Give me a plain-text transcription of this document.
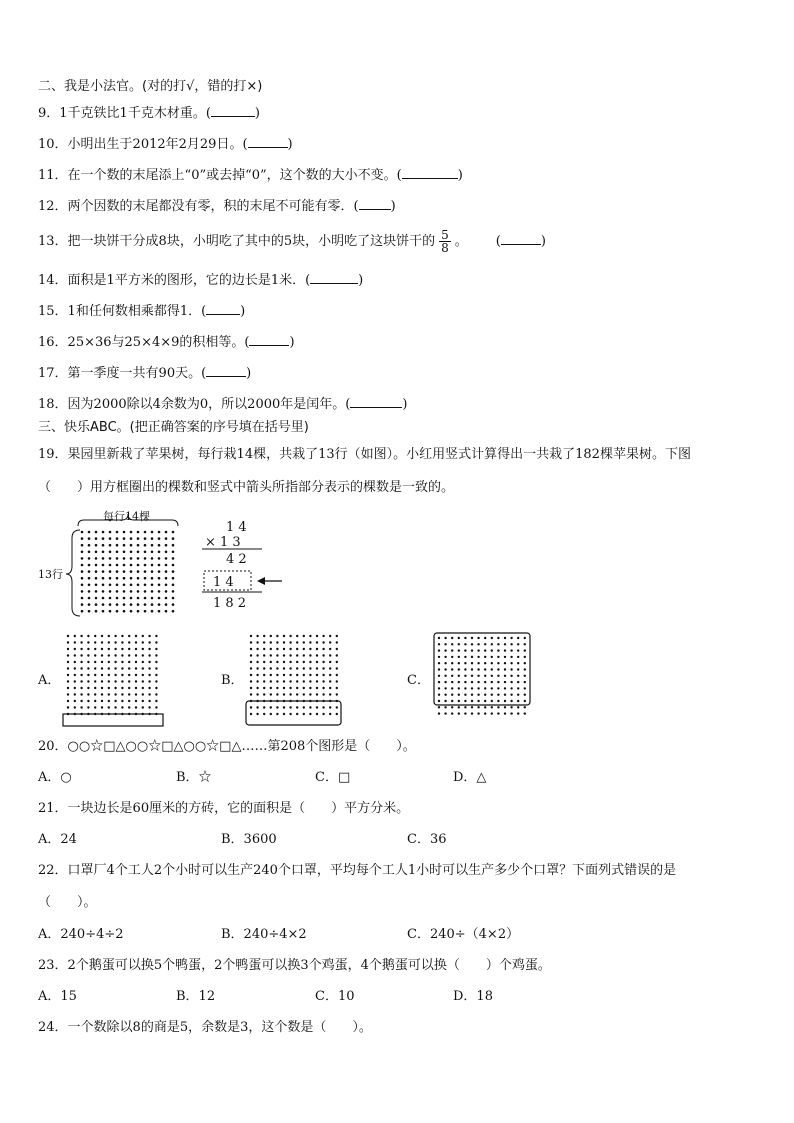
二、我是小法官。(对的打√，错的打×)
9．1千克铁比1千克木材重。(	)
10．小明出生于2012年2月29日。(	)
11．在一个数的末尾添上“0”或去掉“0”，这个数的大小不变。(	)
12．两个因数的末尾都没有零，积的末尾不可能有零．( )
13．把一块饼干分成8块，小明吃了其中的5块，小明吃了这块饼干的 $\frac{5}{8}$ 。 (	)
14．面积是1平方米的图形，它的边长是1米．(	)
15．1和任何数相乘都得1．(	)
16．25×36与25×4×9的积相等。(	)
17．第一季度一共有90天。(	)
18．因为2000除以4余数为0，所以2000年是闰年。(	)
三、快乐ABC。(把正确答案的序号填在括号里)
19．果园里新栽了苹果树，每行栽14棵，共栽了13行（如图）。小红用竖式计算得出一共栽了182棵苹果树。下图
（　　）用方框圈出的棵数和竖式中箭头所指部分表示的棵数是一致的。
每行14棵
13行
1 4
× 1 3
4 2
1 4
1 8 2
A．	B．	C．
20．○○☆□△○○☆□△○○☆□△……第208个图形是（　　）。
A．○	B．☆	C．□	D．△
21．一块边长是60厘米的方砖，它的面积是（　　）平方分米。
A．24	B．3600	C．36
22．口罩厂4个工人2个小时可以生产240个口罩，平均每个工人1小时可以生产多少个口罩？下面列式错误的是
（　　）。
A．240÷4÷2	B．240÷4×2	C．240÷（4×2）
23．2个鹅蛋可以换5个鸭蛋，2个鸭蛋可以换3个鸡蛋，4个鹅蛋可以换（　　）个鸡蛋。
A．15	B．12	C．10	D．18
24．一个数除以8的商是5，余数是3，这个数是（　　）。
